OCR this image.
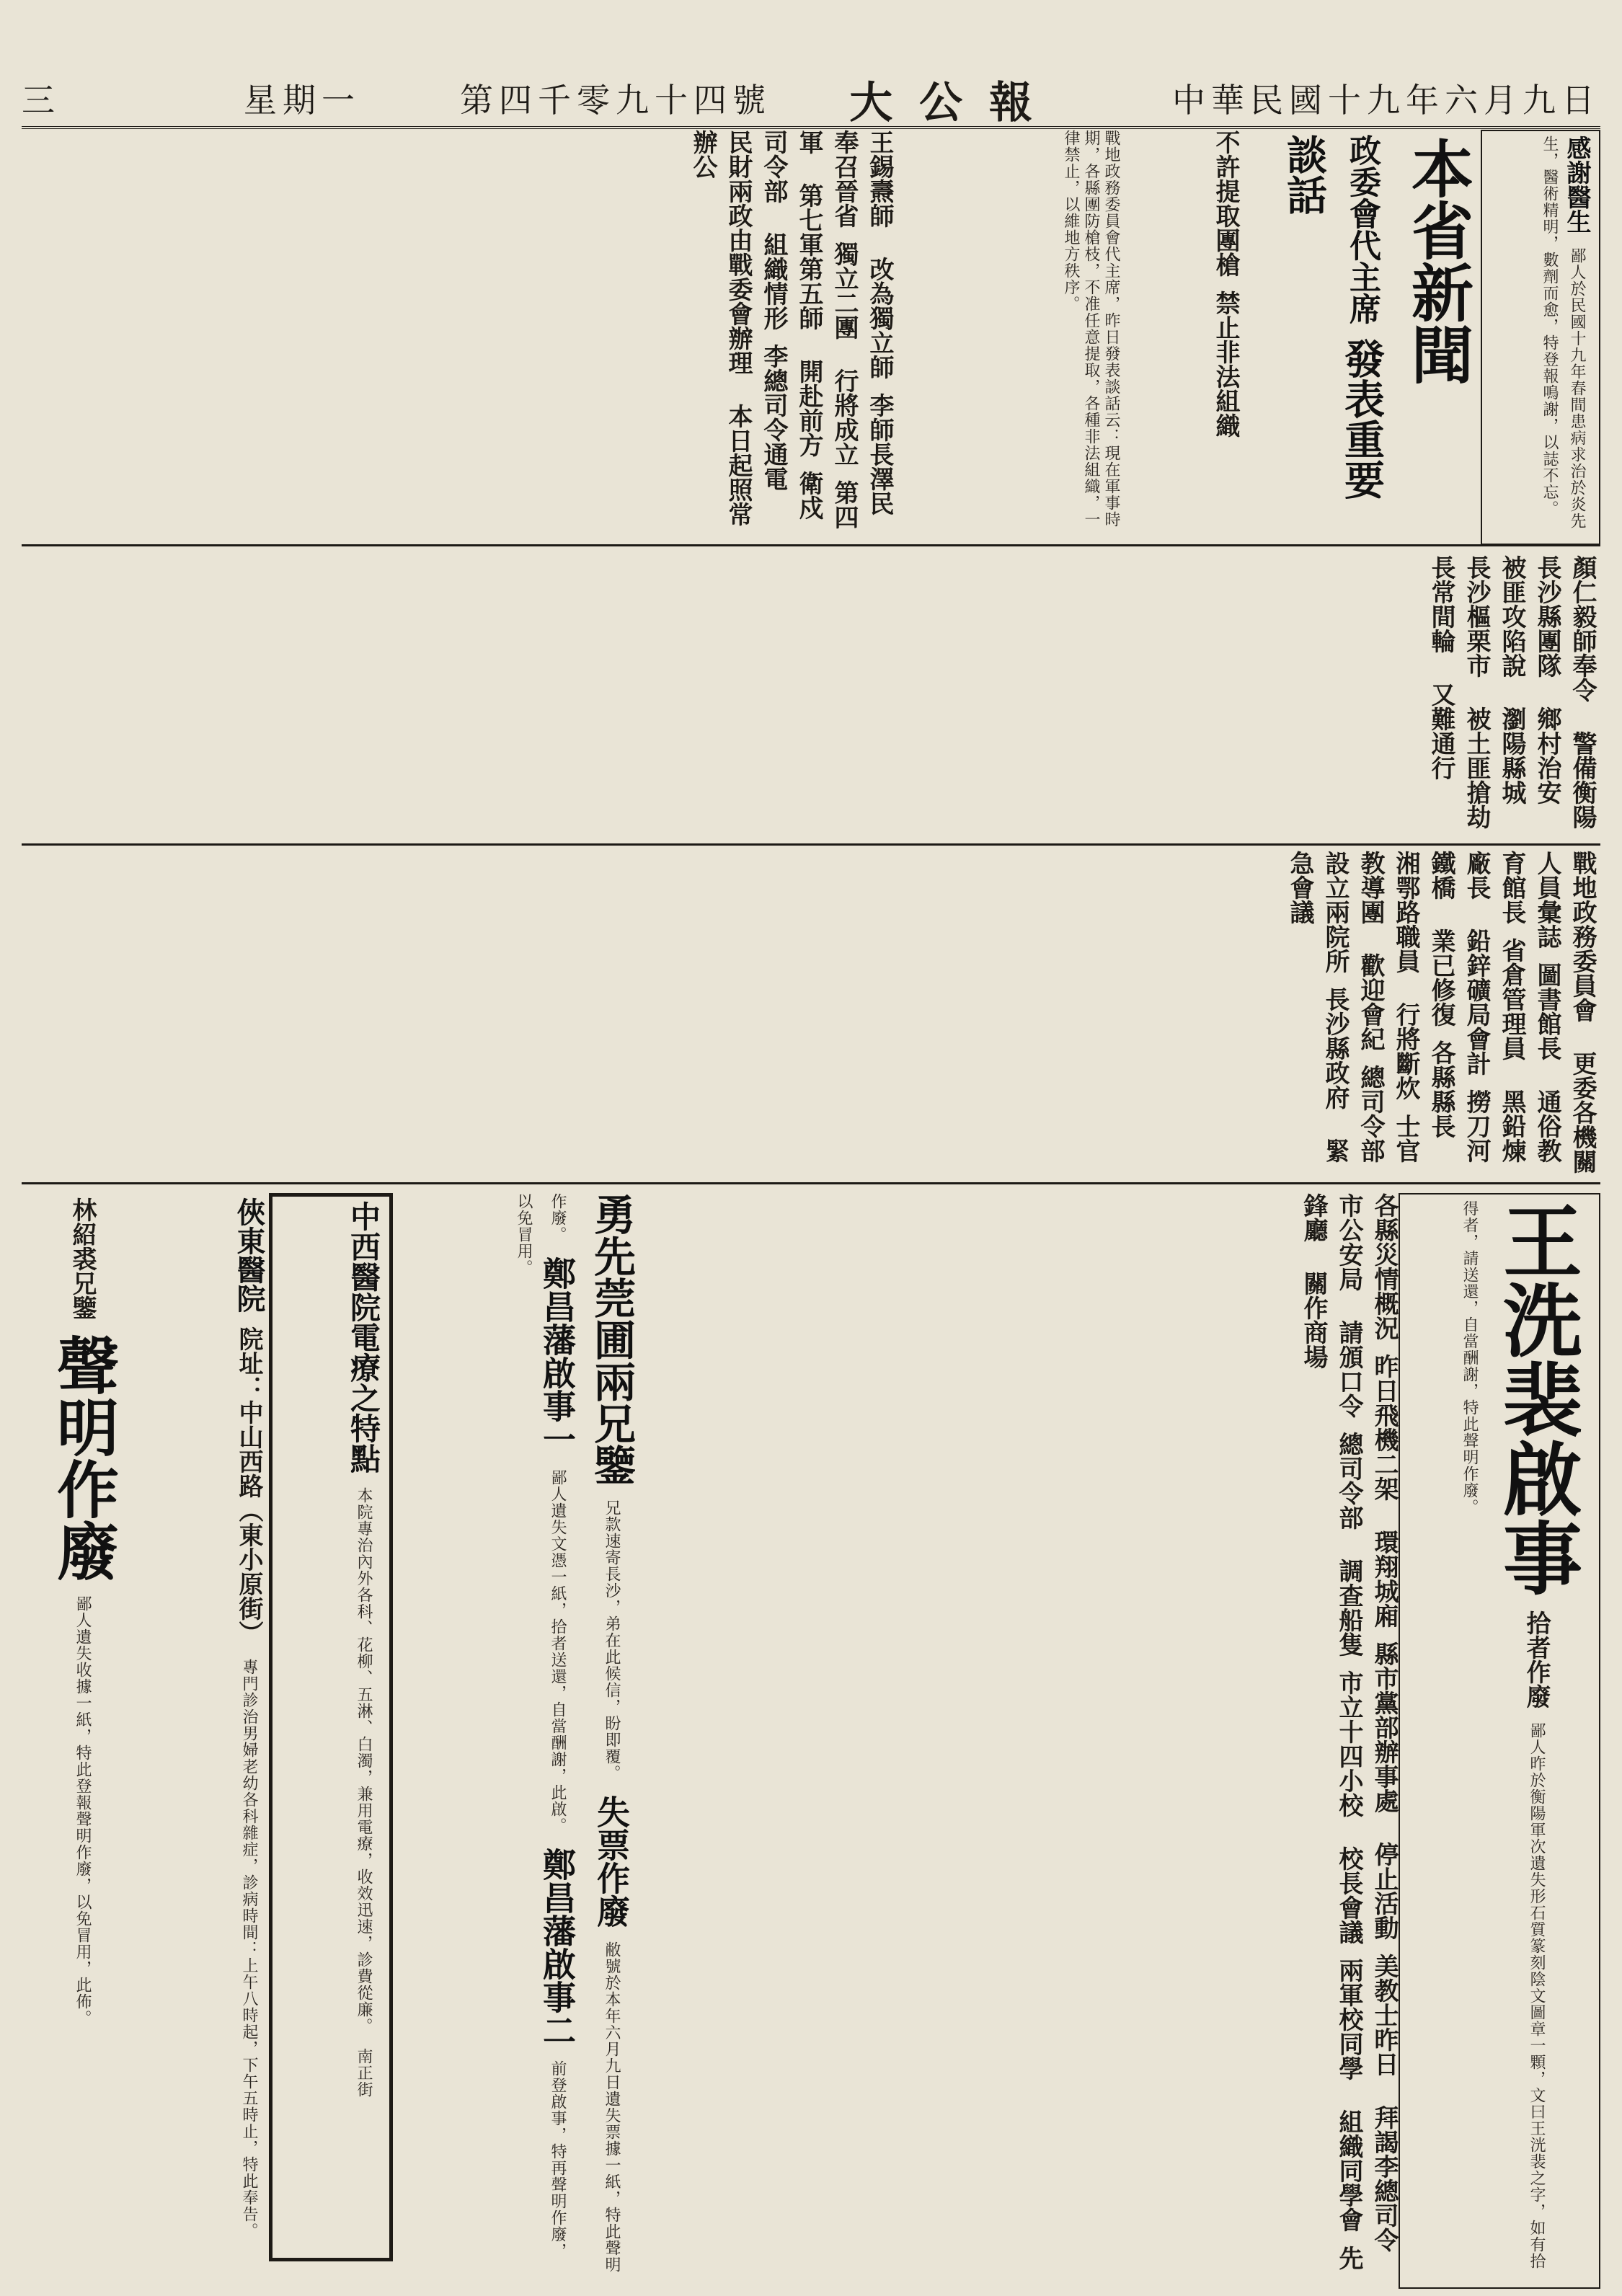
中華民國十九年六月九日
大 公 報
第四千零九十四號
星期一
三
感謝醫生 鄙人於民國十九年春間患病求治於炎先生，醫術精明，數劑而愈，特登報鳴謝，以誌不忘。
本省新聞
政委會代主席 發表重要談話
不許提取團槍 禁止非法組織
戰地政務委員會代主席，昨日發表談話云：現在軍事時期，各縣團防槍枝，不准任意提取，各種非法組織，一律禁止，以維地方秩序。
王錫燾師 改為獨立師 李師長澤民 奉召晉省 獨立二團 行將成立 第四軍 第七軍第五師 開赴前方 衛戍司令部 組織情形 李總司令通電 民財兩政由戰委會辦理 本日起照常辦公
顏仁毅師奉令 警備衡陽 長沙縣團隊 鄉村治安 被匪攻陷說 瀏陽縣城 長沙樞栗市 被土匪搶劫 長常間輪 又難通行
戰地政務委員會 更委各機關人員彙誌 圖書館長 通俗教育館長 省倉管理員 黑鉛煉廠長 鉛鋅礦局會計 撈刀河鐵橋 業已修復 各縣縣長 湘鄂路職員 行將斷炊 士官教導團 歡迎會紀 總司令部 設立兩院所 長沙縣政府 緊急會議
王洗裴啟事 拾者作廢 鄙人昨於衡陽軍次遺失形石質篆刻陰文圖章一顆，文曰王洸裴之字，如有拾得者，請送還，自當酬謝，特此聲明作廢。
各縣災情概況 昨日飛機二架 環翔城廂 縣市黨部辦事處 停止活動 美教士昨日 拜謁李總司令 市公安局 請頒口令 總司令部 調查船隻 市立十四小校 校長會議 兩軍校同學 組織同學會 先鋒廳 關作商場
勇先莞圃兩兄鑒 兄款速寄長沙，弟在此候信，盼即覆。 失票作廢 敝號於本年六月九日遺失票據一紙，特此聲明作廢。 鄭昌藩啟事一 鄙人遺失文憑一紙，拾者送還，自當酬謝，此啟。 鄭昌藩啟事二 前登啟事，特再聲明作廢，以免冒用。
中西醫院電療之特點 本院專治內外各科、花柳、五淋、白濁，兼用電療，收效迅速，診費從廉。 南正街
俠東醫院 院址：中山西路（東小原街） 專門診治男婦老幼各科雜症，診病時間：上午八時起，下午五時止，特此奉告。
林紹裘兄鑒 聲明作廢 鄙人遺失收據一紙，特此登報聲明作廢，以免冒用，此佈。
